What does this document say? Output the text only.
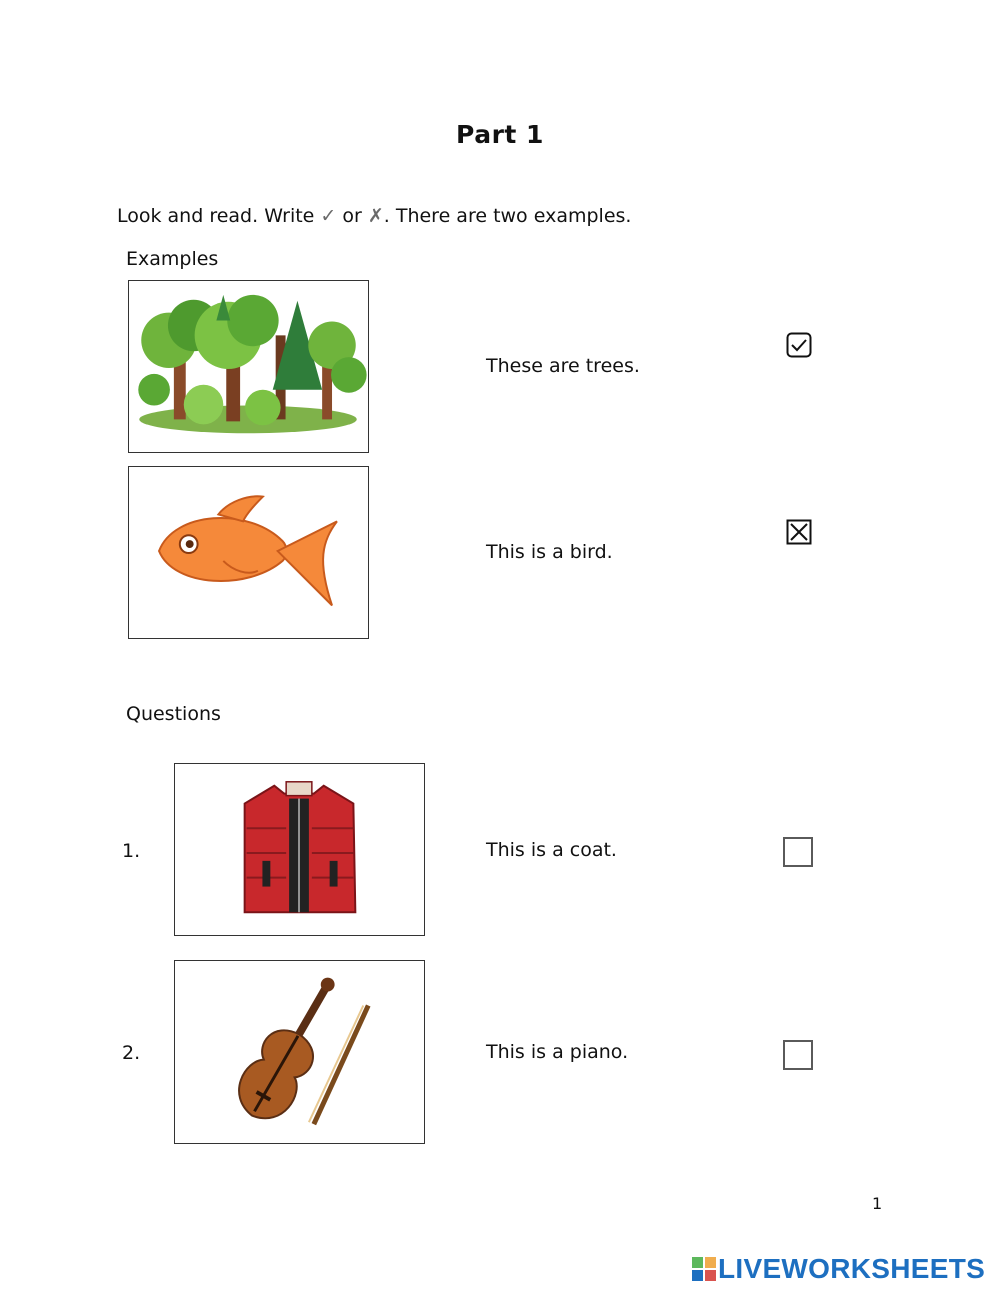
Part 1
Look and read. Write ✓ or ✗. There are two examples.
Examples
These are trees.
This is a bird.
Questions
1.	This is a coat.
2.	This is a piano.
1
LIVEWORKSHEETS
